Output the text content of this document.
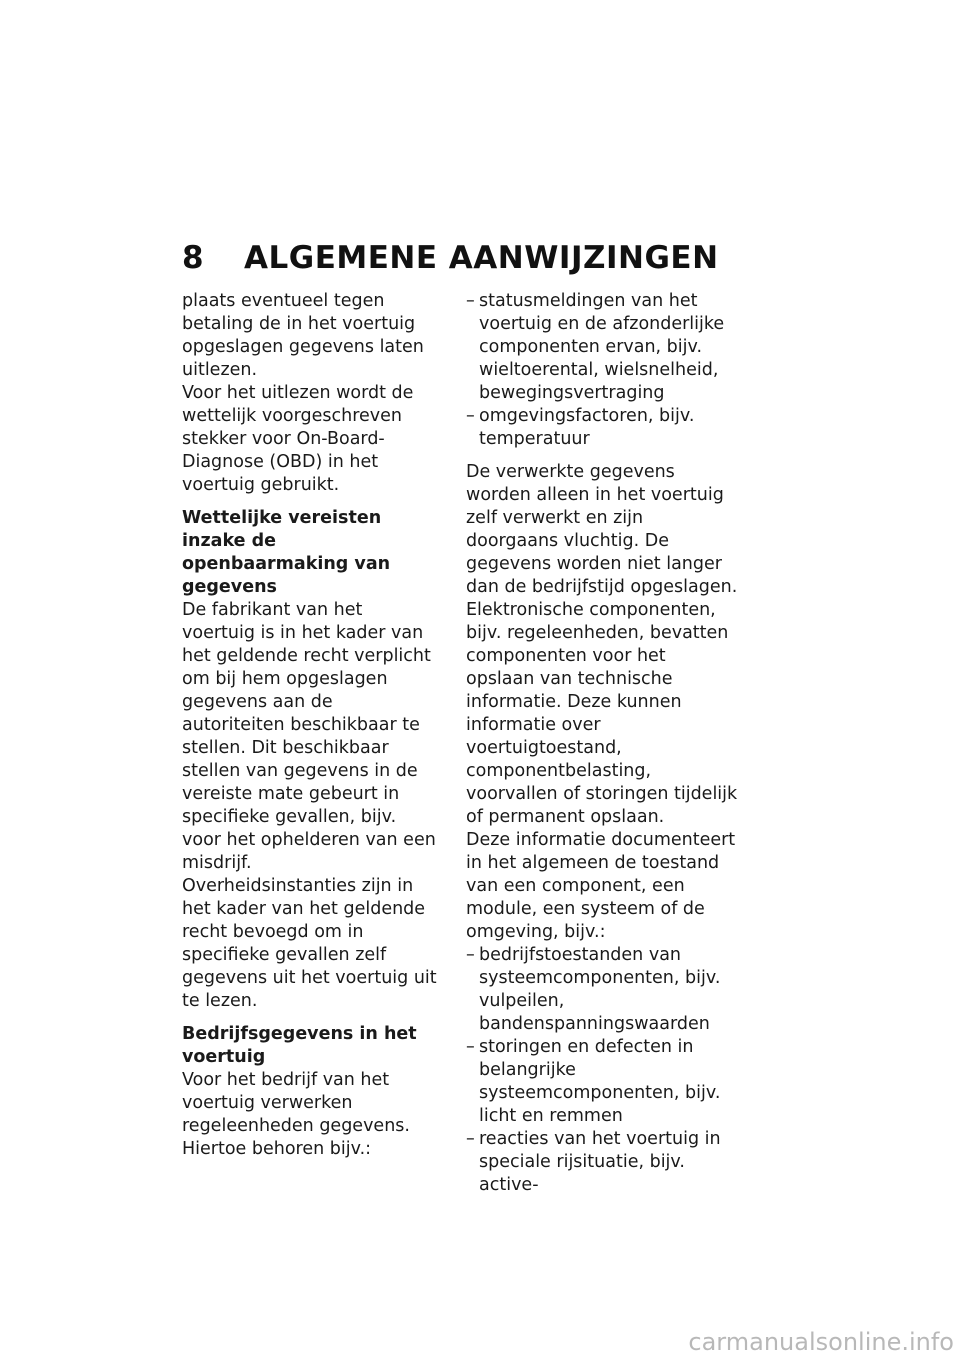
8 ALGEMENE AANWIJZINGEN

plaats eventueel tegen betaling de in het voertuig opgeslagen gegevens laten uitlezen.

Voor het uitlezen wordt de wettelijk voorgeschreven stekker voor On-Board-Diagnose (OBD) in het voertuig gebruikt.

Wettelijke vereisten inzake de openbaarmaking van gegevens

De fabrikant van het voertuig is in het kader van het geldende recht verplicht om bij hem opgeslagen gegevens aan de autoriteiten beschikbaar te stellen. Dit beschikbaar stellen van gegevens in de vereiste mate gebeurt in specifieke gevallen, bijv. voor het ophelderen van een misdrijf.

Overheidsinstanties zijn in het kader van het geldende recht bevoegd om in specifieke gevallen zelf gegevens uit het voertuig uit te lezen.

Bedrijfsgegevens in het voertuig

Voor het bedrijf van het voertuig verwerken regeleenheden gegevens.

Hiertoe behoren bijv.:

– statusmeldingen van het voertuig en de afzonderlijke componenten ervan, bijv. wieltoerental, wielsnelheid, bewegingsvertraging
– omgevingsfactoren, bijv. temperatuur

De verwerkte gegevens worden alleen in het voertuig zelf verwerkt en zijn doorgaans vluchtig. De gegevens worden niet langer dan de bedrijfstijd opgeslagen.

Elektronische componenten, bijv. regeleenheden, bevatten componenten voor het opslaan van technische informatie. Deze kunnen informatie over voertuigtoestand, componentbelasting, voorvallen of storingen tijdelijk of permanent opslaan.

Deze informatie documenteert in het algemeen de toestand van een component, een module, een systeem of de omgeving, bijv.:

– bedrijfstoestanden van systeemcomponenten, bijv. vulpeilen, bandenspanningswaarden
– storingen en defecten in belangrijke systeemcomponenten, bijv. licht en remmen
– reacties van het voertuig in speciale rijsituatie, bijv. active-
carmanualsonline.info
